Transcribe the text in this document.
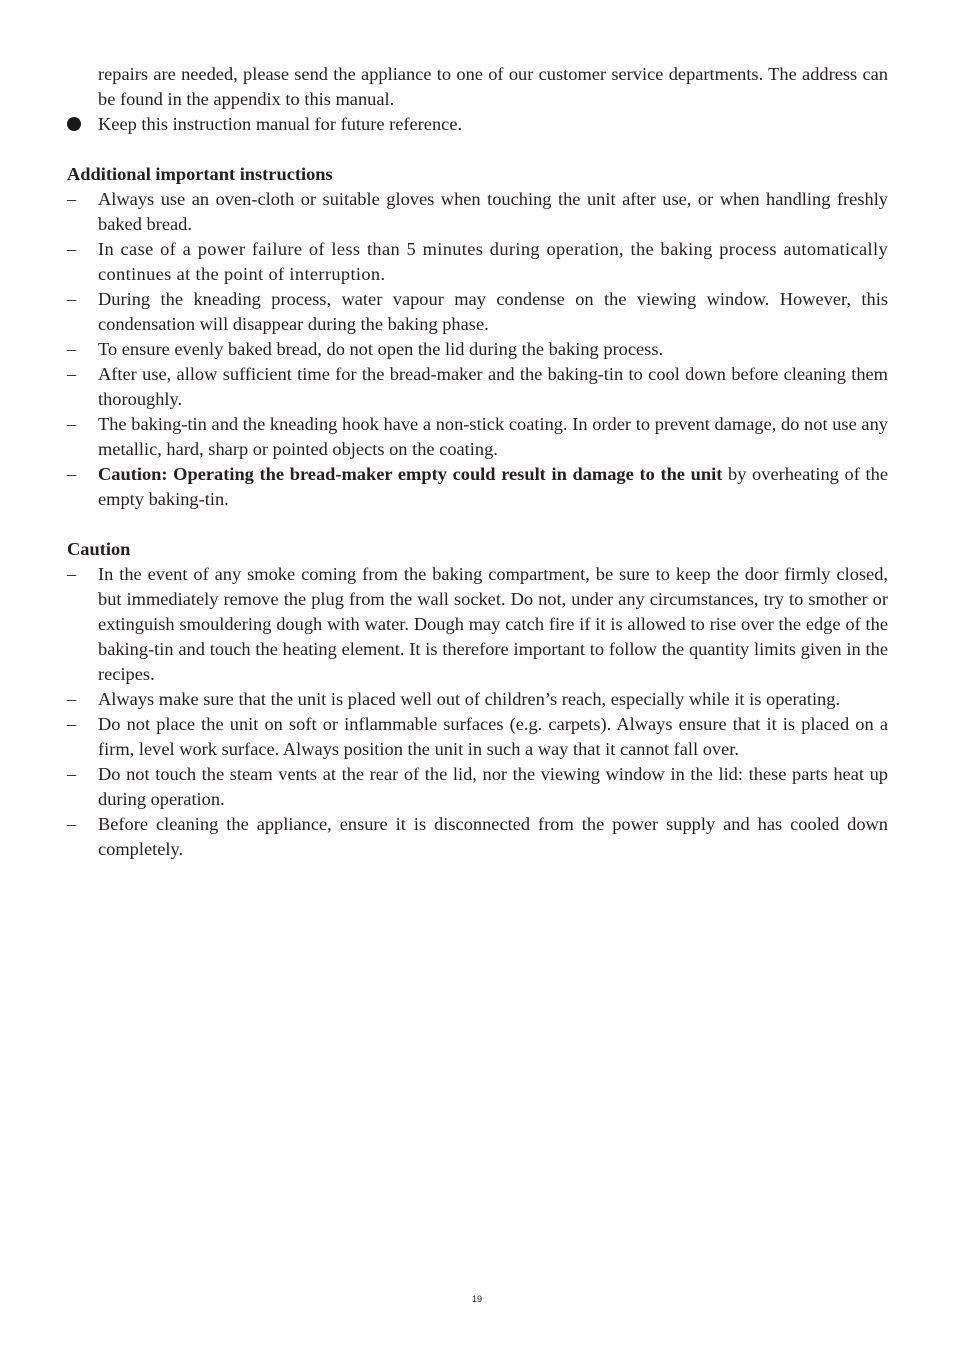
repairs are needed, please send the appliance to one of our customer service departments. The address can be found in the appendix to this manual.
Keep this instruction manual for future reference.
Additional important instructions
– Always use an oven-cloth or suitable gloves when touching the unit after use, or when handling freshly baked bread.
– In case of a power failure of less than 5 minutes during operation, the baking process automatically continues at the point of interruption.
– During the kneading process, water vapour may condense on the viewing window. However, this condensation will disappear during the baking phase.
– To ensure evenly baked bread, do not open the lid during the baking process.
– After use, allow sufficient time for the bread-maker and the baking-tin to cool down before cleaning them thoroughly.
– The baking-tin and the kneading hook have a non-stick coating. In order to prevent damage, do not use any metallic, hard, sharp or pointed objects on the coating.
– Caution: Operating the bread-maker empty could result in damage to the unit by overheating of the empty baking-tin.
Caution
– In the event of any smoke coming from the baking compartment, be sure to keep the door firmly closed, but immediately remove the plug from the wall socket. Do not, under any circumstances, try to smother or extinguish smouldering dough with water. Dough may catch fire if it is allowed to rise over the edge of the baking-tin and touch the heating element. It is therefore important to follow the quantity limits given in the recipes.
– Always make sure that the unit is placed well out of children’s reach, especially while it is operating.
– Do not place the unit on soft or inflammable surfaces (e.g. carpets). Always ensure that it is placed on a firm, level work surface. Always position the unit in such a way that it cannot fall over.
– Do not touch the steam vents at the rear of the lid, nor the viewing window in the lid: these parts heat up during operation.
– Before cleaning the appliance, ensure it is disconnected from the power supply and has cooled down completely.
19
